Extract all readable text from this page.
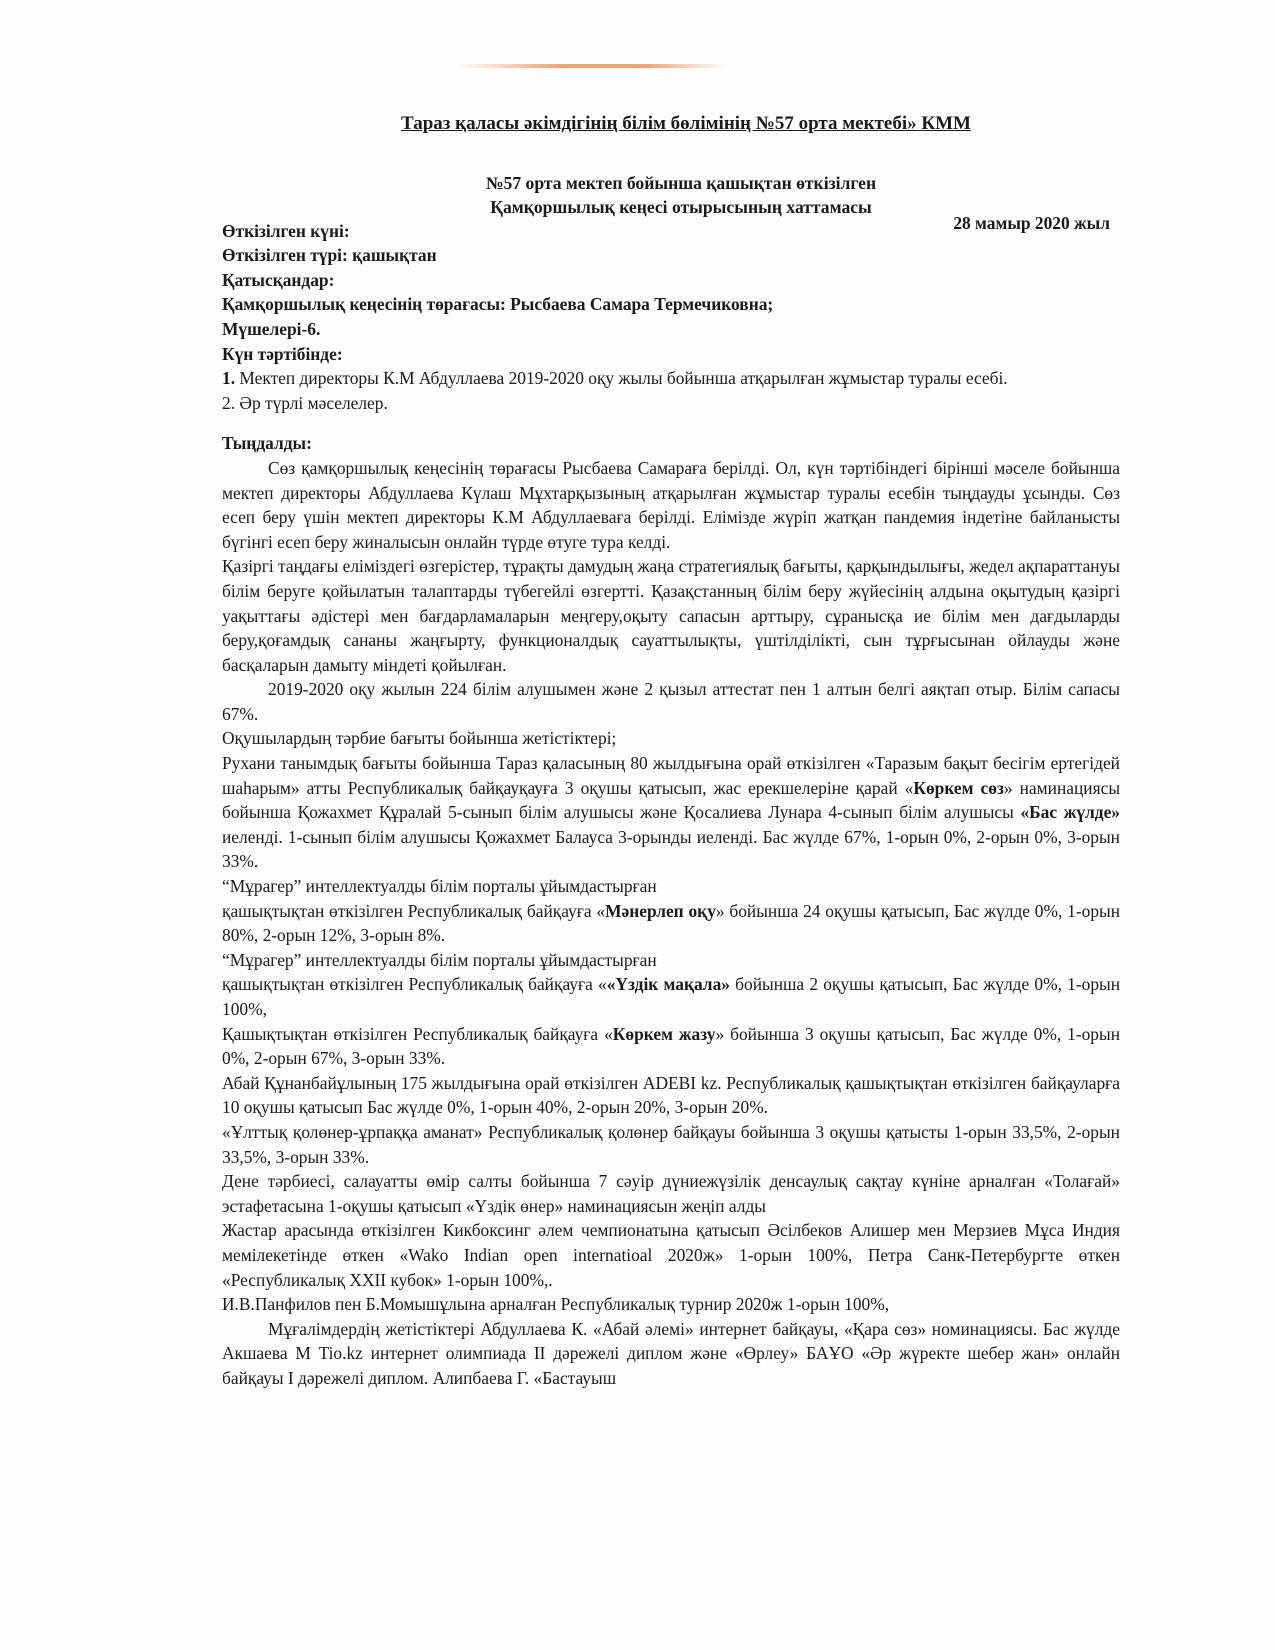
Тараз қаласы әкімдігінің білім бөлімінің №57 орта мектебі» КММ
№57 орта мектеп бойынша қашықтан өткізілген
Қамқоршылық кеңесі отырысының хаттамасы
Өткізілген күні:	28 мамыр 2020 жыл
Өткізілген түрі: қашықтан
Қатысқандар:
Қамқоршылық кеңесінің төрағасы: Рысбаева Самара Термечиковна;
Мүшелері-6.
Күн тәртібінде:

1. Мектеп директоры К.М Абдуллаева 2019-2020 оқу жылы бойынша атқарылған жұмыстар туралы есебі.

2. Әр түрлі мәселелер.

Тыңдалды:

Сөз қамқоршылық кеңесінің төрағасы Рысбаева Самараға берілді. Ол, күн тәртібіндегі бірінші мәселе бойынша мектеп директоры Абдуллаева Күлаш Мұхтарқызының атқарылған жұмыстар туралы есебін тыңдауды ұсынды. Сөз есеп беру үшін мектеп директоры К.М Абдуллаеваға берілді. Елімізде жүріп жатқан пандемия індетіне байланысты бүгінгі есеп беру жиналысын онлайн түрде өтуге тура келді.

Қазіргі таңдағы еліміздегі өзгерістер, тұрақты дамудың жаңа стратегиялық бағыты, қарқындылығы, жедел ақпараттануы білім беруге қойылатын талаптарды түбегейлі өзгертті. Қазақстанның білім беру жүйесінің алдына оқытудың қазіргі уақыттағы әдістері мен бағдарламаларын меңгеру,оқыту сапасын арттыру, сұранысқа ие білім мен дағдыларды беру,қоғамдық сананы жаңғырту, функционалдық сауаттылықты, үштілділікті, сын тұрғысынан ойлауды және басқаларын дамыту міндеті қойылған.

2019-2020 оқу жылын 224 білім алушымен және 2 қызыл аттестат пен 1 алтын белгі аяқтап отыр. Білім сапасы 67%.

Оқушылардың тәрбие бағыты бойынша жетістіктері;

Рухани танымдық бағыты бойынша Тараз қаласының 80 жылдығына орай өткізілген «Таразым бақыт бесігім ертегідей шаһарым» атты Республикалық байқауқауға 3 оқушы қатысып, жас ерекшелеріне қарай «Көркем сөз» наминациясы бойынша Қожахмет Құралай 5-сынып білім алушысы және Қосалиева Лунара 4-сынып білім алушысы «Бас жүлде» иеленді. 1-сынып білім алушысы Қожахмет Балауса 3-орынды иеленді. Бас жүлде 67%, 1-орын 0%, 2-орын 0%, 3-орын 33%.

“Мұрагер” интеллектуалды білім порталы ұйымдастырған

қашықтықтан өткізілген Республикалық байқауға «Мәнерлеп оқу» бойынша 24 оқушы қатысып, Бас жүлде 0%, 1-орын 80%, 2-орын 12%, 3-орын 8%.

“Мұрагер” интеллектуалды білім порталы ұйымдастырған

қашықтықтан өткізілген Республикалық байқауға ««Үздік мақала» бойынша 2 оқушы қатысып, Бас жүлде 0%, 1-орын 100%,

Қашықтықтан өткізілген Республикалық байқауға «Көркем жазу» бойынша 3 оқушы қатысып, Бас жүлде 0%, 1-орын 0%, 2-орын 67%, 3-орын 33%.

Абай Құнанбайұлының 175 жылдығына орай өткізілген ADEBI kz. Республикалық қашықтықтан өткізілген байқауларға 10 оқушы қатысып Бас жүлде 0%, 1-орын 40%, 2-орын 20%, 3-орын 20%.

«Ұлттық қолөнер-ұрпаққа аманат» Республикалық қолөнер байқауы бойынша 3 оқушы қатысты 1-орын 33,5%, 2-орын 33,5%, 3-орын 33%.

Дене тәрбиесі, салауатты өмір салты бойынша 7 сәуір дүниежүзілік денсаулық сақтау күніне арналған «Толағай» эстафетасына 1-оқушы қатысып «Үздік өнер» наминациясын жеңіп алды

Жастар арасында өткізілген Кикбоксинг әлем чемпионатына қатысып Әсілбеков Алишер мен Мерзиев Мұса Индия мемілекетінде өткен «Wako Indian open internatioal 2020ж» 1-орын 100%, Петра Санк-Петербургте өткен «Республикалық XXII кубок» 1-орын 100%,.

И.В.Панфилов пен Б.Момышұлына арналған Республикалық турнир 2020ж 1-орын 100%,

Мұғалімдердің жетістіктері Абдуллаева К. «Абай әлемі» интернет байқауы, «Қара сөз» номинациясы. Бас жүлде Акшаева М Tio.kz интернет олимпиада II дәрежелі диплом және «Өрлеу» БАҰО «Әр жүректе шебер жан» онлайн байқауы I дәрежелі диплом. Алипбаева Г. «Бастауыш
